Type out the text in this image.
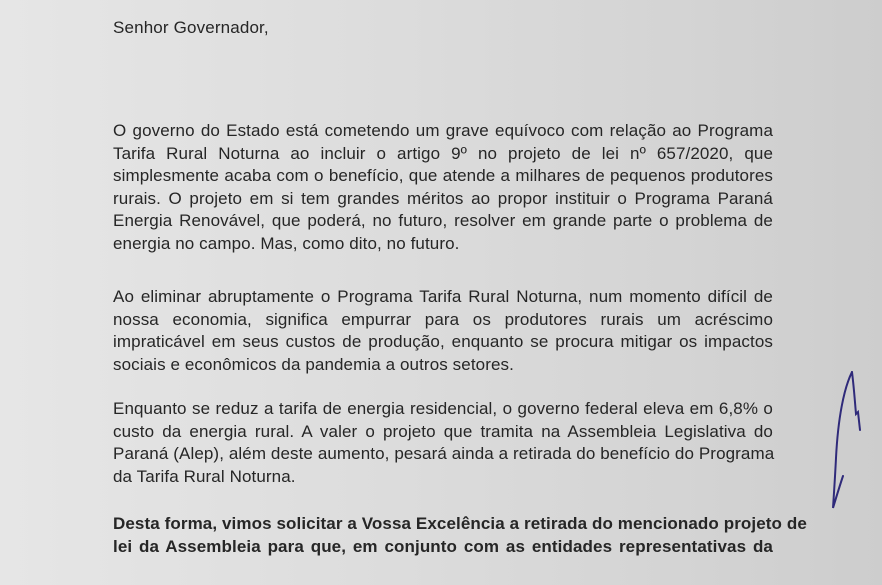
Senhor Governador,
O governo do Estado está cometendo um grave equívoco com relação ao Programa
Tarifa Rural Noturna ao incluir o artigo 9º no projeto de lei nº 657/2020, que
simplesmente acaba com o benefício, que atende a milhares de pequenos produtores
rurais. O projeto em si tem grandes méritos ao propor instituir o Programa Paraná
Energia Renovável, que poderá, no futuro, resolver em grande parte o problema de
energia no campo. Mas, como dito, no futuro.
Ao eliminar abruptamente o Programa Tarifa Rural Noturna, num momento difícil de
nossa economia, significa empurrar para os produtores rurais um acréscimo
impraticável em seus custos de produção, enquanto se procura mitigar os impactos
sociais e econômicos da pandemia a outros setores.
Enquanto se reduz a tarifa de energia residencial, o governo federal eleva em 6,8% o
custo da energia rural. A valer o projeto que tramita na Assembleia Legislativa do
Paraná (Alep), além deste aumento, pesará ainda a retirada do benefício do Programa
da Tarifa Rural Noturna.
Desta forma, vimos solicitar a Vossa Excelência a retirada do mencionado projeto de
lei da Assembleia para que, em conjunto com as entidades representativas da
